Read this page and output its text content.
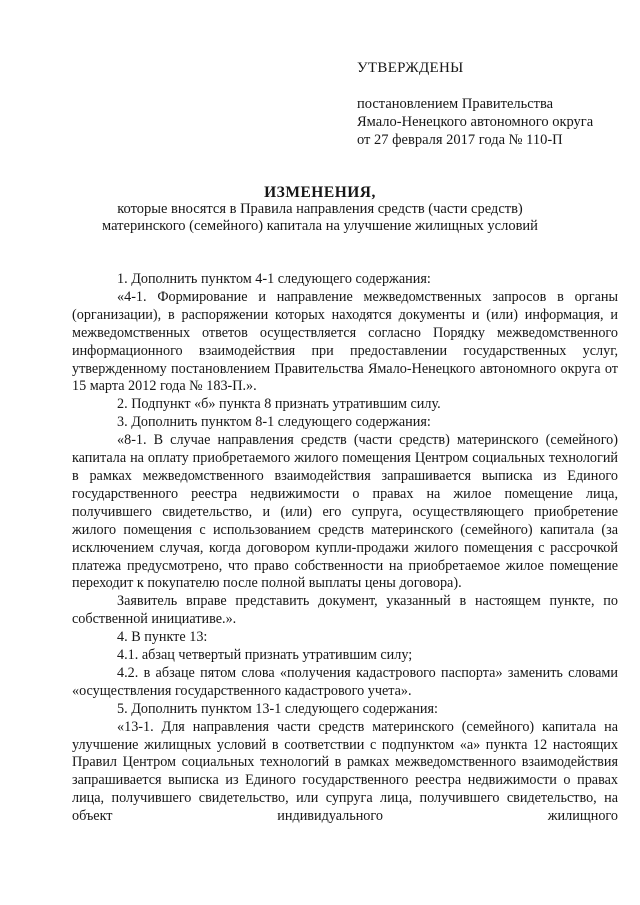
УТВЕРЖДЕНЫ
постановлением Правительства
Ямало-Ненецкого автономного округа
от 27 февраля 2017 года № 110-П
ИЗМЕНЕНИЯ,
которые вносятся в Правила направления средств (части средств)
материнского (семейного) капитала на улучшение жилищных условий

1. Дополнить пунктом 4-1 следующего содержания:

«4-1. Формирование и направление межведомственных запросов в органы (организации), в распоряжении которых находятся документы и (или) информация, и межведомственных ответов осуществляется согласно Порядку межведомственного информационного взаимодействия при предоставлении государственных услуг, утвержденному постановлением Правительства Ямало-Ненецкого автономного округа от 15 марта 2012 года № 183-П.».

2. Подпункт «б» пункта 8 признать утратившим силу.

3. Дополнить пунктом 8-1 следующего содержания:

«8-1. В случае направления средств (части средств) материнского (семейного) капитала на оплату приобретаемого жилого помещения Центром социальных технологий в рамках межведомственного взаимодействия запрашивается выписка из Единого государственного реестра недвижимости о правах на жилое помещение лица, получившего свидетельство, и (или) его супруга, осуществляющего приобретение жилого помещения с использованием средств материнского (семейного) капитала (за исключением случая, когда договором купли-продажи жилого помещения с рассрочкой платежа предусмотрено, что право собственности на приобретаемое жилое помещение переходит к покупателю после полной выплаты цены договора).

Заявитель вправе представить документ, указанный в настоящем пункте, по собственной инициативе.».

4. В пункте 13:

4.1. абзац четвертый признать утратившим силу;

4.2. в абзаце пятом слова «получения кадастрового паспорта» заменить словами «осуществления государственного кадастрового учета».

5. Дополнить пунктом 13-1 следующего содержания:

«13-1. Для направления части средств материнского (семейного) капитала на улучшение жилищных условий в соответствии с подпунктом «а» пункта 12 настоящих Правил Центром социальных технологий в рамках межведомственного взаимодействия запрашивается выписка из Единого государственного реестра недвижимости о правах лица, получившего свидетельство, или супруга лица, получившего свидетельство, на объект индивидуального жилищного
